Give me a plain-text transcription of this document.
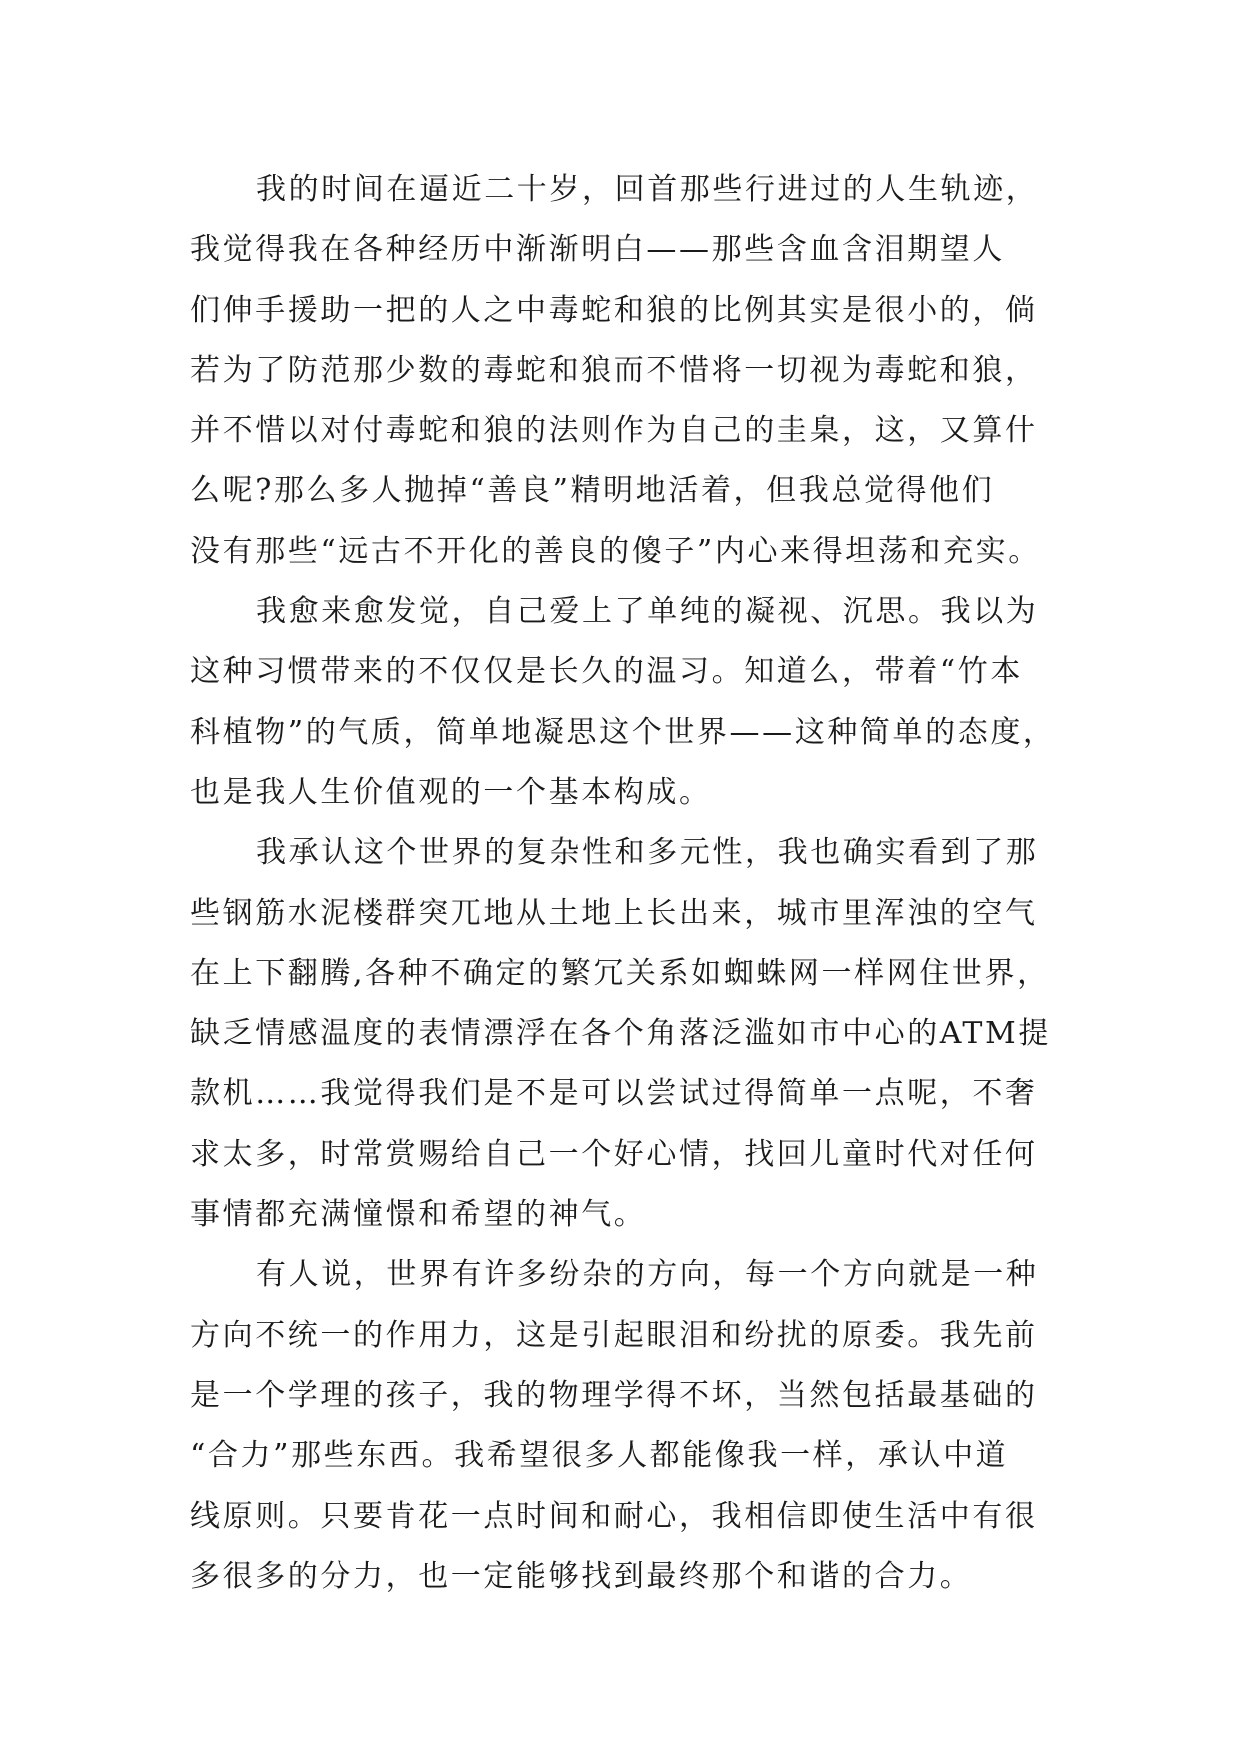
我的时间在逼近二十岁，回首那些行进过的人生轨迹，
我觉得我在各种经历中渐渐明白——那些含血含泪期望人
们伸手援助一把的人之中毒蛇和狼的比例其实是很小的，倘
若为了防范那少数的毒蛇和狼而不惜将一切视为毒蛇和狼，
并不惜以对付毒蛇和狼的法则作为自己的圭臬，这，又算什
么呢?那么多人抛掉“善良”精明地活着，但我总觉得他们
没有那些“远古不开化的善良的傻子”内心来得坦荡和充实。
我愈来愈发觉，自己爱上了单纯的凝视、沉思。我以为
这种习惯带来的不仅仅是长久的温习。知道么，带着“竹本
科植物”的气质，简单地凝思这个世界——这种简单的态度，
也是我人生价值观的一个基本构成。
我承认这个世界的复杂性和多元性，我也确实看到了那
些钢筋水泥楼群突兀地从土地上长出来，城市里浑浊的空气
在上下翻腾,各种不确定的繁冗关系如蜘蛛网一样网住世界，
缺乏情感温度的表情漂浮在各个角落泛滥如市中心的ATM提
款机……我觉得我们是不是可以尝试过得简单一点呢，不奢
求太多，时常赏赐给自己一个好心情，找回儿童时代对任何
事情都充满憧憬和希望的神气。
有人说，世界有许多纷杂的方向，每一个方向就是一种
方向不统一的作用力，这是引起眼泪和纷扰的原委。我先前
是一个学理的孩子，我的物理学得不坏，当然包括最基础的
“合力”那些东西。我希望很多人都能像我一样，承认中道
线原则。只要肯花一点时间和耐心，我相信即使生活中有很
多很多的分力，也一定能够找到最终那个和谐的合力。
